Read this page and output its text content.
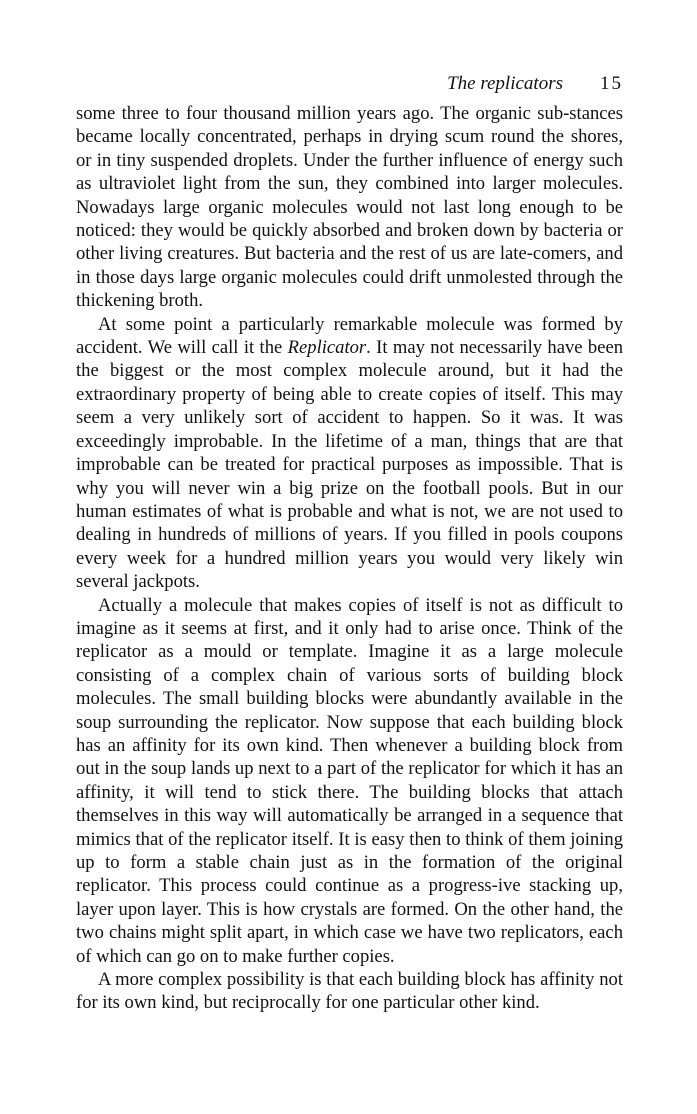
The replicators 15

some three to four thousand million years ago. The organic sub-stances became locally concentrated, perhaps in drying scum round the shores, or in tiny suspended droplets. Under the further influence of energy such as ultraviolet light from the sun, they combined into larger molecules. Nowadays large organic molecules would not last long enough to be noticed: they would be quickly absorbed and broken down by bacteria or other living creatures. But bacteria and the rest of us are late-comers, and in those days large organic molecules could drift unmolested through the thickening broth.

At some point a particularly remarkable molecule was formed by accident. We will call it the Replicator. It may not necessarily have been the biggest or the most complex molecule around, but it had the extraordinary property of being able to create copies of itself. This may seem a very unlikely sort of accident to happen. So it was. It was exceedingly improbable. In the lifetime of a man, things that are that improbable can be treated for practical purposes as impossible. That is why you will never win a big prize on the football pools. But in our human estimates of what is probable and what is not, we are not used to dealing in hundreds of millions of years. If you filled in pools coupons every week for a hundred million years you would very likely win several jackpots.

Actually a molecule that makes copies of itself is not as difficult to imagine as it seems at first, and it only had to arise once. Think of the replicator as a mould or template. Imagine it as a large molecule consisting of a complex chain of various sorts of building block molecules. The small building blocks were abundantly available in the soup surrounding the replicator. Now suppose that each building block has an affinity for its own kind. Then whenever a building block from out in the soup lands up next to a part of the replicator for which it has an affinity, it will tend to stick there. The building blocks that attach themselves in this way will automatically be arranged in a sequence that mimics that of the replicator itself. It is easy then to think of them joining up to form a stable chain just as in the formation of the original replicator. This process could continue as a progress-ive stacking up, layer upon layer. This is how crystals are formed. On the other hand, the two chains might split apart, in which case we have two replicators, each of which can go on to make further copies.

A more complex possibility is that each building block has affinity not for its own kind, but reciprocally for one particular other kind.
